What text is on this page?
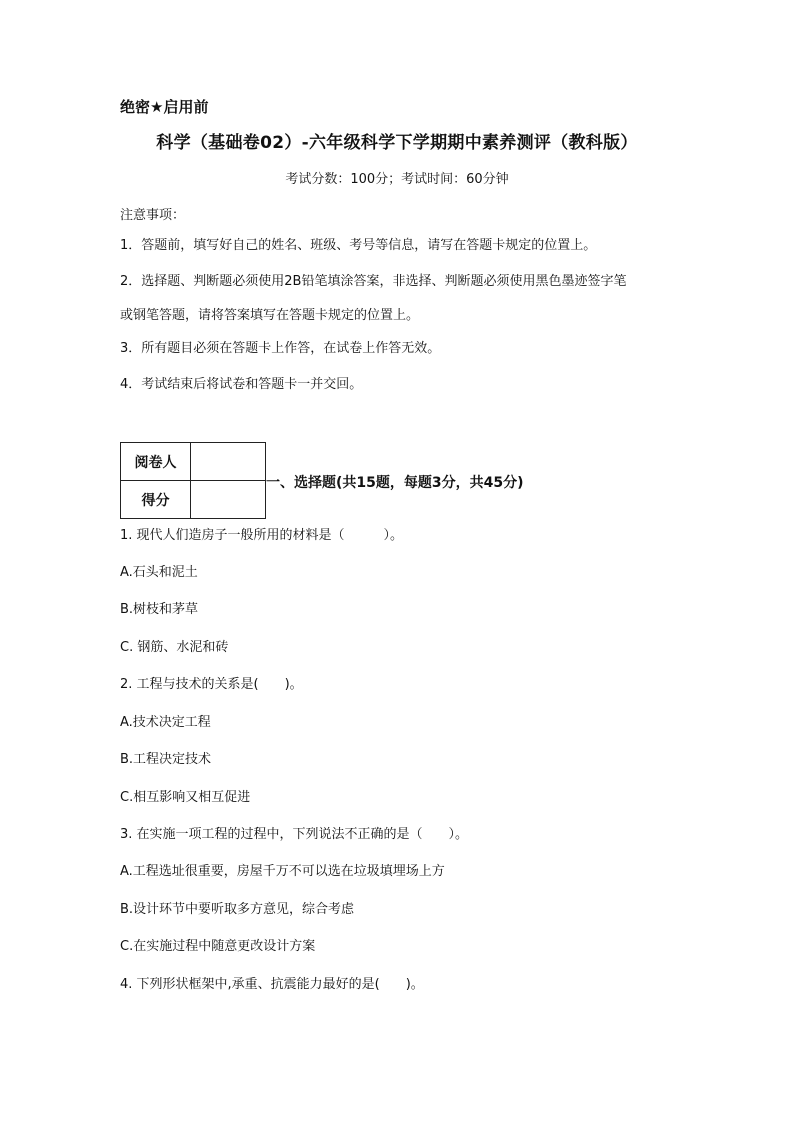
绝密★启用前
科学（基础卷02）-六年级科学下学期期中素养测评（教科版）
考试分数：100分；考试时间：60分钟
注意事项：
1．答题前，填写好自己的姓名、班级、考号等信息，请写在答题卡规定的位置上。
2．选择题、判断题必须使用2B铅笔填涂答案，非选择、判断题必须使用黑色墨迹签字笔
或钢笔答题，请将答案填写在答题卡规定的位置上。
3．所有题目必须在答题卡上作答，在试卷上作答无效。
4．考试结束后将试卷和答题卡一并交回。
阅卷人	
得分	
一、选择题(共15题，每题3分，共45分)
1. 现代人们造房子一般所用的材料是（　　　）。
A.石头和泥土
B.树枝和茅草
C. 钢筋、水泥和砖
2. 工程与技术的关系是(　　)。
A.技术决定工程
B.工程决定技术
C.相互影响又相互促进
3. 在实施一项工程的过程中，下列说法不正确的是（　　）。
A.工程选址很重要，房屋千万不可以选在垃圾填埋场上方
B.设计环节中要听取多方意见，综合考虑
C.在实施过程中随意更改设计方案
4. 下列形状框架中,承重、抗震能力最好的是(　　)。
